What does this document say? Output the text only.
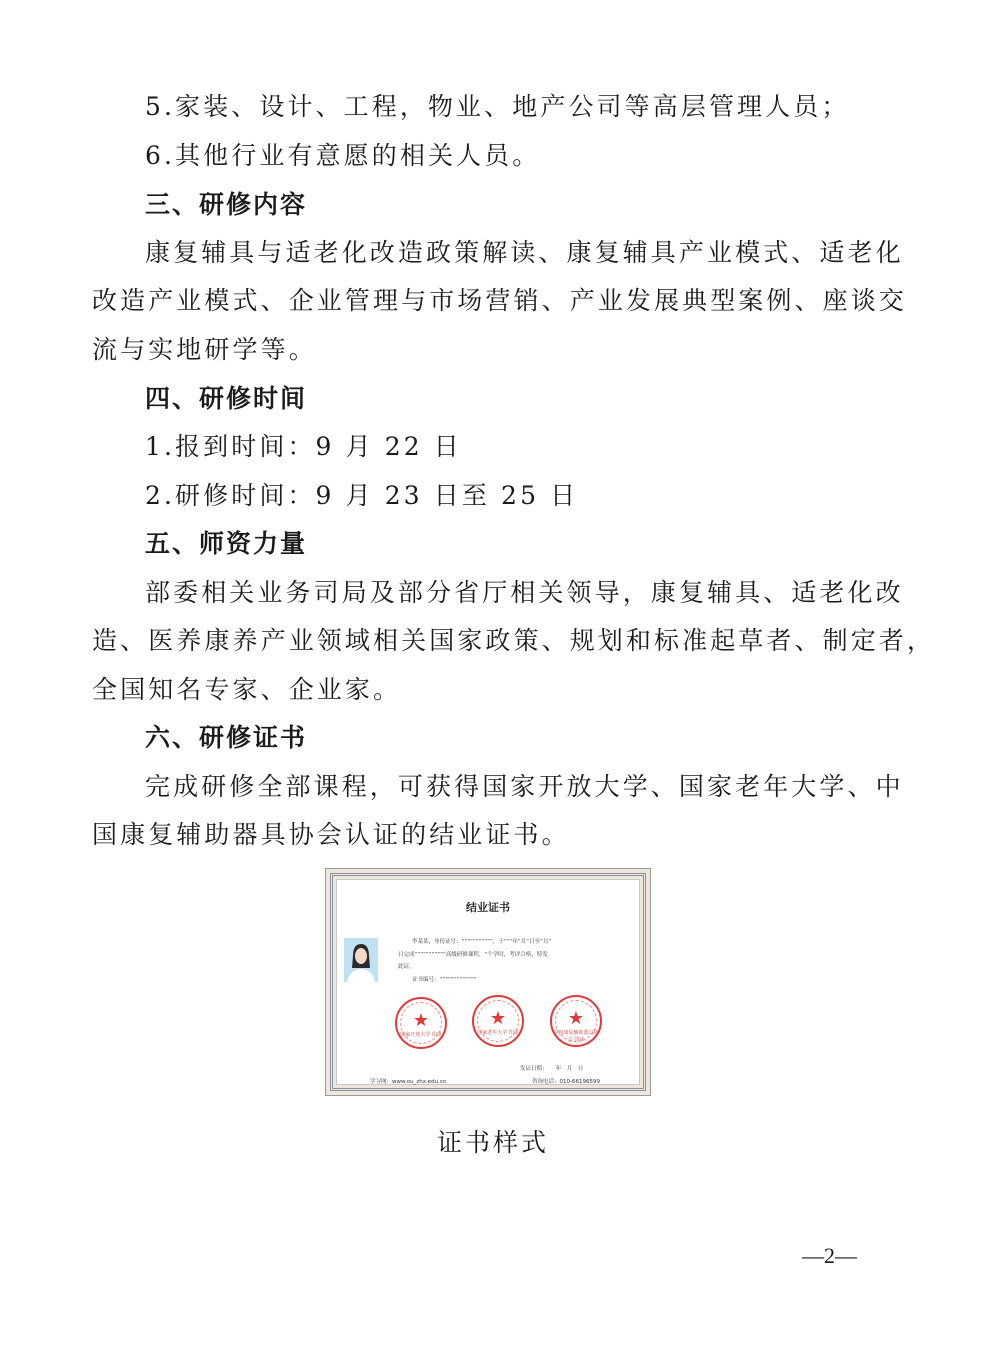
5.家装、设计、工程，物业、地产公司等高层管理人员；
6.其他行业有意愿的相关人员。
三、研修内容
康复辅具与适老化改造政策解读、康复辅具产业模式、适老化
改造产业模式、企业管理与市场营销、产业发展典型案例、座谈交
流与实地研学等。
四、研修时间
1.报到时间：9 月 22 日
2.研修时间：9 月 23 日至 25 日
五、师资力量
部委相关业务司局及部分省厅相关领导，康复辅具、适老化改
造、医养康养产业领域相关国家政策、规划和标准起草者、制定者，
全国知名专家、企业家。
六、研修证书
完成研修全部课程，可获得国家开放大学、国家老年大学、中
国康复辅助器具协会认证的结业证书。
结业证书
李某某，身份证号：“““““““““““，于“““年“月“日至“月“
日完成“““““““““““高级研修课程，“个学时，考评合格，特发
此证。
证书编号：“““““““““““““
★
国家开放大学 印章
★
国家老年大学 印章
★
中国康复辅助器具协会 印章
发证日期：　　年　月　日
学习网：www.ou_zhx.edu.cn	咨询电话：010-66196599
证书样式
—2—
